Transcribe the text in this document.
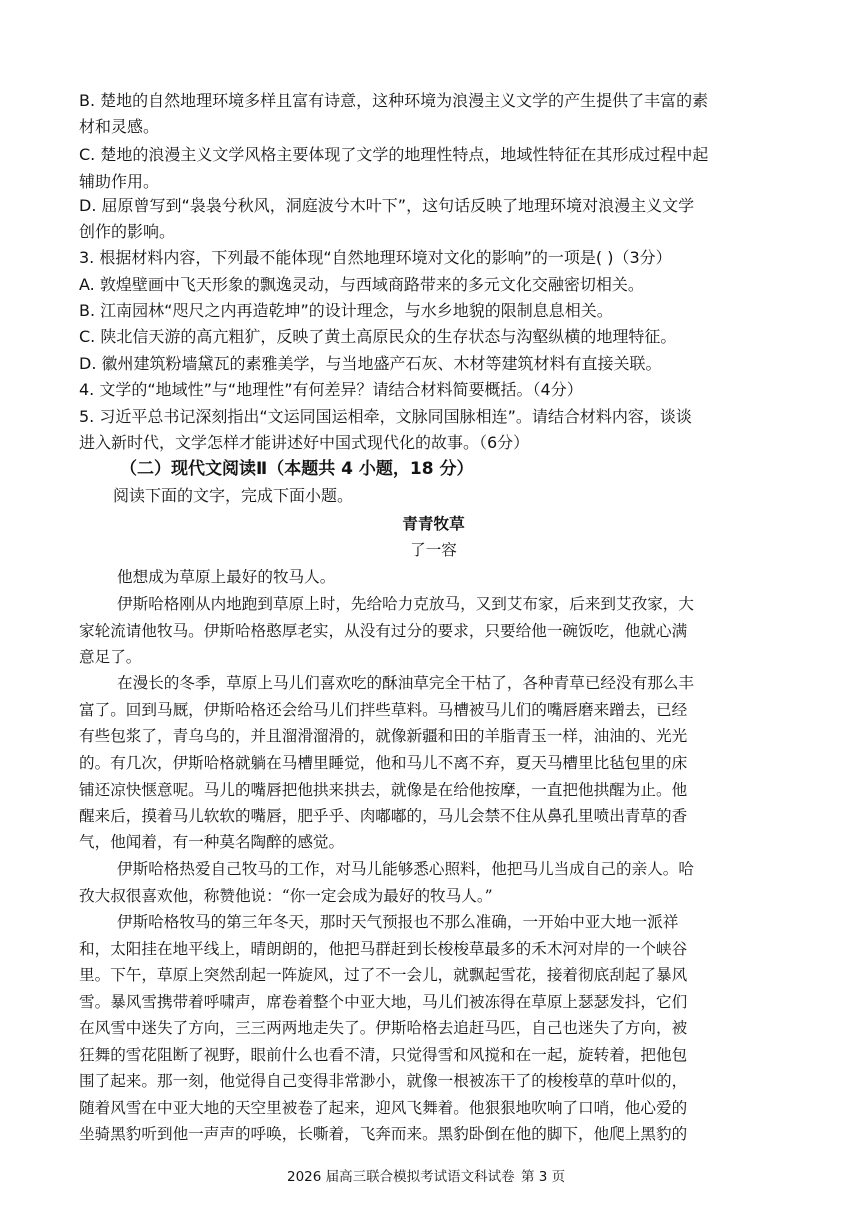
B. 楚地的自然地理环境多样且富有诗意，这种环境为浪漫主义文学的产生提供了丰富的素
材和灵感。
C. 楚地的浪漫主义文学风格主要体现了文学的地理性特点，地域性特征在其形成过程中起
辅助作用。
D. 屈原曾写到“袅袅兮秋风，洞庭波兮木叶下”，这句话反映了地理环境对浪漫主义文学
创作的影响。
3. 根据材料内容，下列最不能体现“自然地理环境对文化的影响”的一项是( )（3分）
A. 敦煌壁画中飞天形象的飘逸灵动，与西域商路带来的多元文化交融密切相关。
B. 江南园林“咫尺之内再造乾坤”的设计理念，与水乡地貌的限制息息相关。
C. 陕北信天游的高亢粗犷，反映了黄土高原民众的生存状态与沟壑纵横的地理特征。
D. 徽州建筑粉墙黛瓦的素雅美学，与当地盛产石灰、木材等建筑材料有直接关联。
4. 文学的“地域性”与“地理性”有何差异？请结合材料简要概括。（4分）
5. 习近平总书记深刻指出“文运同国运相牵，文脉同国脉相连”。请结合材料内容，谈谈
进入新时代，文学怎样才能讲述好中国式现代化的故事。（6分）
（二）现代文阅读Ⅱ（本题共 4 小题，18 分）
阅读下面的文字，完成下面小题。
青青牧草
了一容
他想成为草原上最好的牧马人。
伊斯哈格刚从内地跑到草原上时，先给哈力克放马，又到艾布家，后来到艾孜家，大
家轮流请他牧马。伊斯哈格憨厚老实，从没有过分的要求，只要给他一碗饭吃，他就心满
意足了。
在漫长的冬季，草原上马儿们喜欢吃的酥油草完全干枯了，各种青草已经没有那么丰
富了。回到马厩，伊斯哈格还会给马儿们拌些草料。马槽被马儿们的嘴唇磨来蹭去，已经
有些包浆了，青乌乌的，并且溜滑溜滑的，就像新疆和田的羊脂青玉一样，油油的、光光
的。有几次，伊斯哈格就躺在马槽里睡觉，他和马儿不离不弃，夏天马槽里比毡包里的床
铺还凉快惬意呢。马儿的嘴唇把他拱来拱去，就像是在给他按摩，一直把他拱醒为止。他
醒来后，摸着马儿软软的嘴唇，肥乎乎、肉嘟嘟的，马儿会禁不住从鼻孔里喷出青草的香
气，他闻着，有一种莫名陶醉的感觉。
伊斯哈格热爱自己牧马的工作，对马儿能够悉心照料，他把马儿当成自己的亲人。哈
孜大叔很喜欢他，称赞他说：“你一定会成为最好的牧马人。”
伊斯哈格牧马的第三年冬天，那时天气预报也不那么准确，一开始中亚大地一派祥
和，太阳挂在地平线上，晴朗朗的，他把马群赶到长梭梭草最多的禾木河对岸的一个峡谷
里。下午，草原上突然刮起一阵旋风，过了不一会儿，就飘起雪花，接着彻底刮起了暴风
雪。暴风雪携带着呼啸声，席卷着整个中亚大地，马儿们被冻得在草原上瑟瑟发抖，它们
在风雪中迷失了方向，三三两两地走失了。伊斯哈格去追赶马匹，自己也迷失了方向，被
狂舞的雪花阻断了视野，眼前什么也看不清，只觉得雪和风搅和在一起，旋转着，把他包
围了起来。那一刻，他觉得自己变得非常渺小，就像一根被冻干了的梭梭草的草叶似的，
随着风雪在中亚大地的天空里被卷了起来，迎风飞舞着。他狠狠地吹响了口哨，他心爱的
坐骑黑豹听到他一声声的呼唤，长嘶着，飞奔而来。黑豹卧倒在他的脚下，他爬上黑豹的
2026 届高三联合模拟考试语文科试卷 第 3 页
